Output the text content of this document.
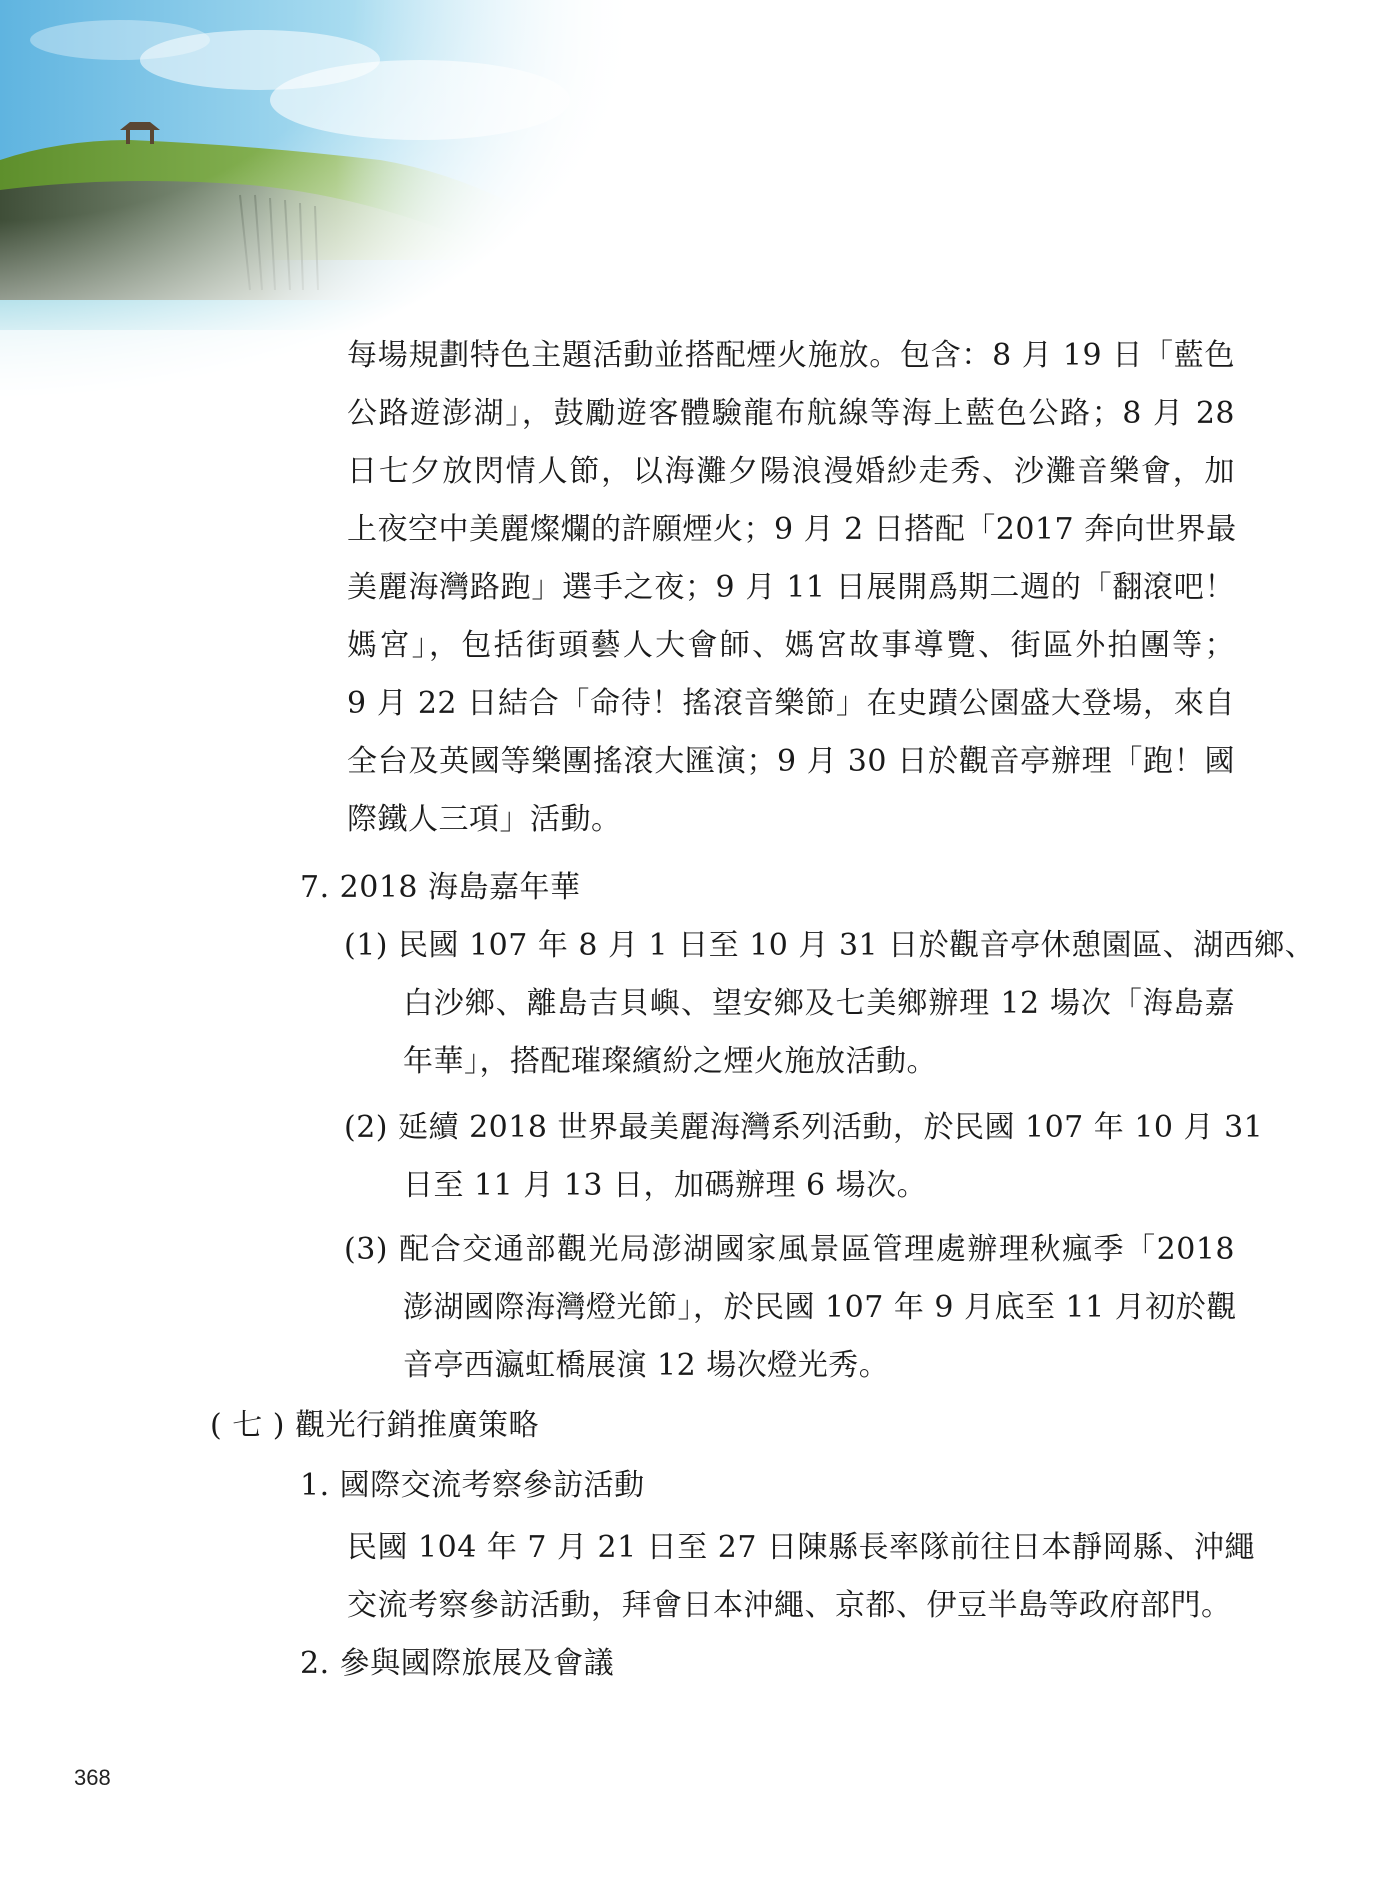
每場規劃特色主題活動並搭配煙火施放。包含：8 月 19 日「藍色
公路遊澎湖」，鼓勵遊客體驗龍布航線等海上藍色公路；8 月 28
日七夕放閃情人節，以海灘夕陽浪漫婚紗走秀、沙灘音樂會，加
上夜空中美麗燦爛的許願煙火；9 月 2 日搭配「2017 奔向世界最
美麗海灣路跑」選手之夜；9 月 11 日展開爲期二週的「翻滾吧！
媽宮」，包括街頭藝人大會師、媽宮故事導覽、街區外拍團等；
9 月 22 日結合「命待！搖滾音樂節」在史蹟公園盛大登場，來自
全台及英國等樂團搖滾大匯演；9 月 30 日於觀音亭辦理「跑！國
際鐵人三項」活動。
7. 2018 海島嘉年華
(1) 民國 107 年 8 月 1 日至 10 月 31 日於觀音亭休憩園區、湖西鄉、
白沙鄉、離島吉貝嶼、望安鄉及七美鄉辦理 12 場次「海島嘉
年華」，搭配璀璨繽紛之煙火施放活動。
(2) 延續 2018 世界最美麗海灣系列活動，於民國 107 年 10 月 31
日至 11 月 13 日，加碼辦理 6 場次。
(3) 配合交通部觀光局澎湖國家風景區管理處辦理秋瘋季「2018
澎湖國際海灣燈光節」，於民國 107 年 9 月底至 11 月初於觀
音亭西瀛虹橋展演 12 場次燈光秀。
( 七 ) 觀光行銷推廣策略
1. 國際交流考察參訪活動
民國 104 年 7 月 21 日至 27 日陳縣長率隊前往日本靜岡縣、沖繩
交流考察參訪活動，拜會日本沖繩、京都、伊豆半島等政府部門。
2. 參與國際旅展及會議
368
